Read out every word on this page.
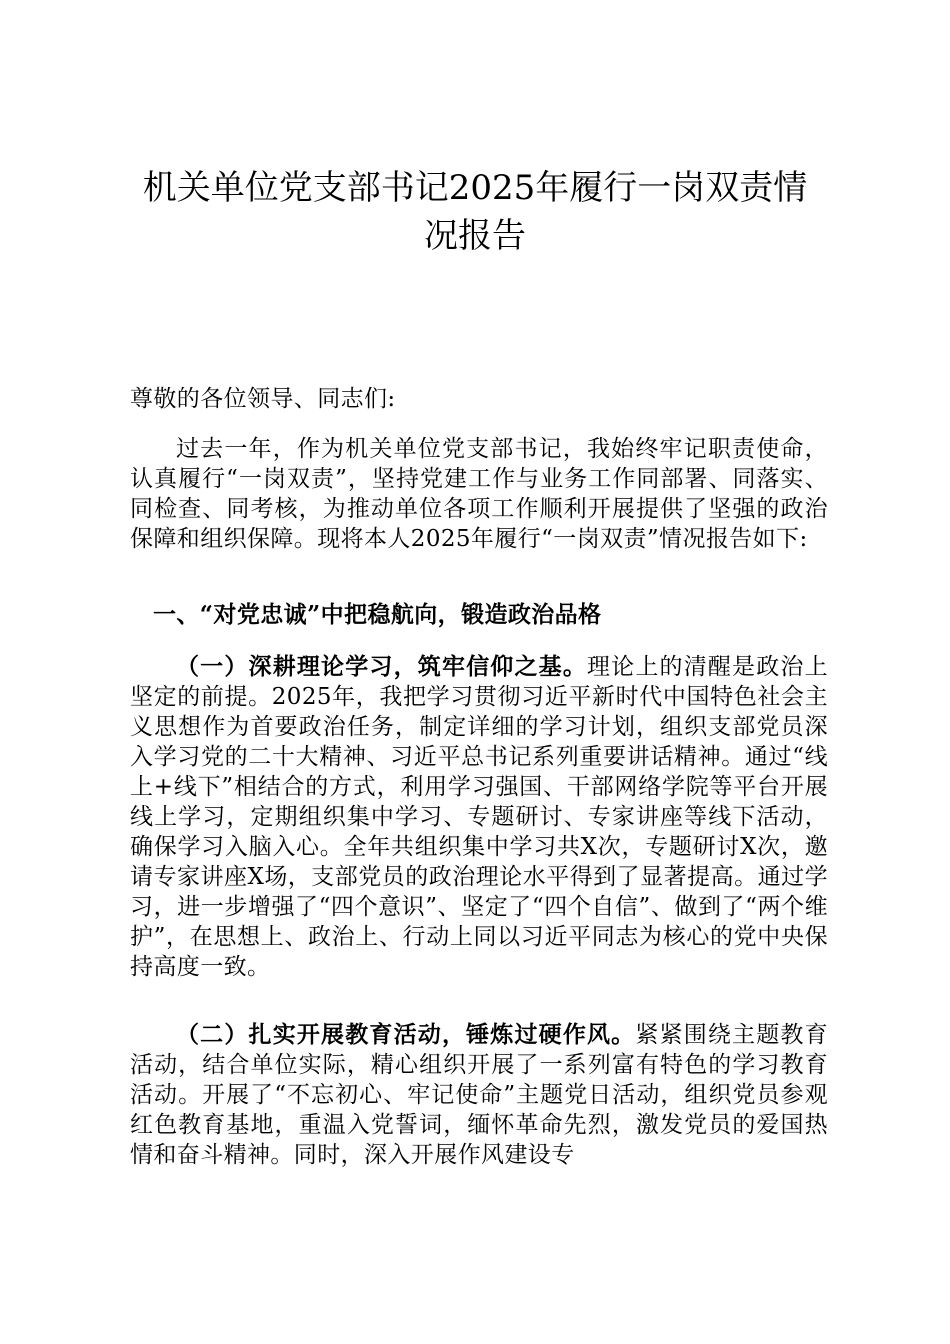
机关单位党支部书记2025年履行一岗双责情况报告
尊敬的各位领导、同志们:
过去一年，作为机关单位党支部书记，我始终牢记职责使命，认真履行“一岗双责”，坚持党建工作与业务工作同部署、同落实、同检查、同考核，为推动单位各项工作顺利开展提供了坚强的政治保障和组织保障。现将本人2025年履行“一岗双责”情况报告如下:
一、“对党忠诚”中把稳航向，锻造政治品格
（一）深耕理论学习，筑牢信仰之基。理论上的清醒是政治上坚定的前提。2025年，我把学习贯彻习近平新时代中国特色社会主义思想作为首要政治任务，制定详细的学习计划，组织支部党员深入学习党的二十大精神、习近平总书记系列重要讲话精神。通过“线上+线下”相结合的方式，利用学习强国、干部网络学院等平台开展线上学习，定期组织集中学习、专题研讨、专家讲座等线下活动，确保学习入脑入心。全年共组织集中学习共X次，专题研讨X次，邀请专家讲座X场，支部党员的政治理论水平得到了显著提高。通过学习，进一步增强了“四个意识”、坚定了“四个自信”、做到了“两个维护”，在思想上、政治上、行动上同以习近平同志为核心的党中央保持高度一致。
（二）扎实开展教育活动，锤炼过硬作风。紧紧围绕主题教育活动，结合单位实际，精心组织开展了一系列富有特色的学习教育活动。开展了“不忘初心、牢记使命”主题党日活动，组织党员参观红色教育基地，重温入党誓词，缅怀革命先烈，激发党员的爱国热情和奋斗精神。同时，深入开展作风建设专
